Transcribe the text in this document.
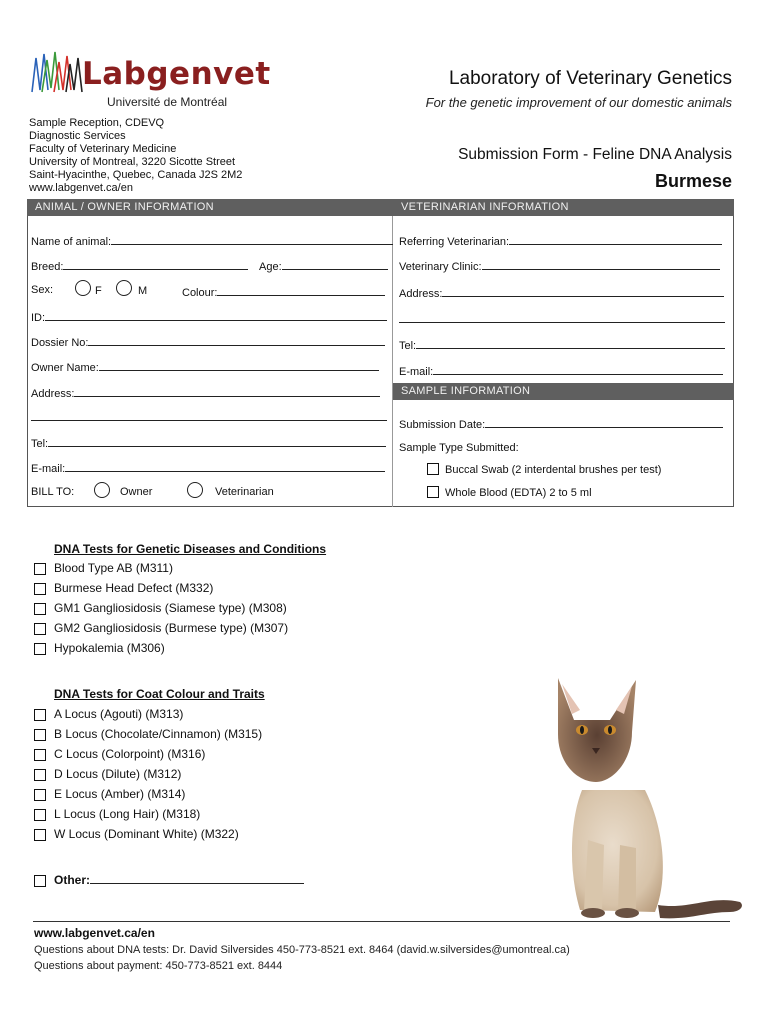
Labgenvet
Université de Montréal
Laboratory of Veterinary Genetics
For the genetic improvement of our domestic animals
Sample Reception, CDEVQ
Diagnostic Services
Faculty of Veterinary Medicine
University of Montreal, 3220 Sicotte Street
Saint-Hyacinthe, Quebec, Canada J2S 2M2
www.labgenvet.ca/en
Submission Form - Feline DNA Analysis
Burmese
ANIMAL / OWNER INFORMATION	VETERINARIAN INFORMATION
Name of animal:
Breed:	Age:
Sex:	F	M	Colour:
ID:
Dossier No:
Owner Name:
Address:
Tel:
E-mail:
BILL TO:	Owner	Veterinarian
Referring Veterinarian:
Veterinary Clinic:
Address:
Tel:
E-mail:
SAMPLE INFORMATION
Submission Date:
Sample Type Submitted:
Buccal Swab (2 interdental brushes per test)
Whole Blood (EDTA) 2 to 5 ml
DNA Tests for Genetic Diseases and Conditions
Blood Type AB (M311)
Burmese Head Defect (M332)
GM1 Gangliosidosis (Siamese type) (M308)
GM2 Gangliosidosis (Burmese type) (M307)
Hypokalemia (M306)
DNA Tests for Coat Colour and Traits
A Locus (Agouti) (M313)
B Locus (Chocolate/Cinnamon) (M315)
C Locus (Colorpoint) (M316)
D Locus (Dilute) (M312)
E Locus (Amber) (M314)
L Locus (Long Hair) (M318)
W Locus (Dominant White) (M322)
Other:
www.labgenvet.ca/en
Questions about DNA tests: Dr. David Silversides 450-773-8521 ext. 8464 (david.w.silversides@umontreal.ca)
Questions about payment: 450-773-8521 ext. 8444
